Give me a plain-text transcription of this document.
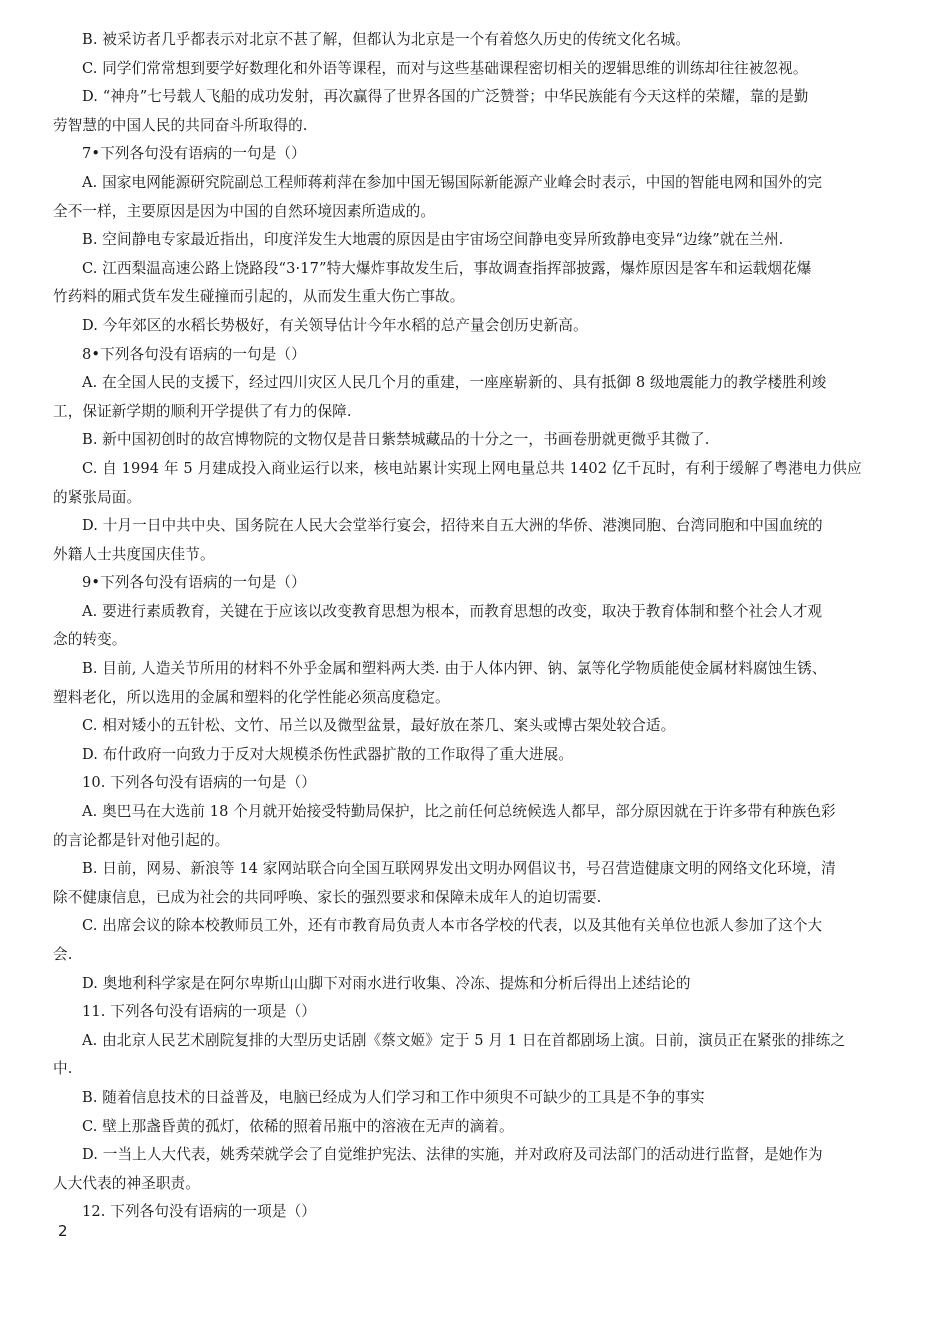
B. 被采访者几乎都表示对北京不甚了解，但都认为北京是一个有着悠久历史的传统文化名城。

C. 同学们常常想到要学好数理化和外语等课程，而对与这些基础课程密切相关的逻辑思维的训练却往往被忽视。

D. “神舟”七号载人飞船的成功发射，再次赢得了世界各国的广泛赞誉；中华民族能有今天这样的荣耀，靠的是勤
劳智慧的中国人民的共同奋斗所取得的.

7•下列各句没有语病的一句是（）

A. 国家电网能源研究院副总工程师蒋莉萍在参加中国无锡国际新能源产业峰会时表示，中国的智能电网和国外的完
全不一样，主要原因是因为中国的自然环境因素所造成的。

B. 空间静电专家最近指出，印度洋发生大地震的原因是由宇宙场空间静电变异所致静电变异“边缘”就在兰州.

C. 江西梨温高速公路上饶路段“3·17”特大爆炸事故发生后，事故调查指挥部披露，爆炸原因是客车和运载烟花爆
竹药料的厢式货车发生碰撞而引起的，从而发生重大伤亡事故。

D. 今年郊区的水稻长势极好，有关领导估计今年水稻的总产量会创历史新高。

8•下列各句没有语病的一句是（）

A. 在全国人民的支援下，经过四川灾区人民几个月的重建，一座座崭新的、具有抵御 8 级地震能力的教学楼胜利竣
工，保证新学期的顺利开学提供了有力的保障.

B. 新中国初创时的故宫博物院的文物仅是昔日紫禁城藏品的十分之一，书画卷册就更微乎其微了.

C. 自 1994 年 5 月建成投入商业运行以来，核电站累计实现上网电量总共 1402 亿千瓦时，有利于缓解了粤港电力供应
的紧张局面。

D. 十月一日中共中央、国务院在人民大会堂举行宴会，招待来自五大洲的华侨、港澳同胞、台湾同胞和中国血统的
外籍人士共度国庆佳节。

9•下列各句没有语病的一句是（）

A. 要进行素质教育，关键在于应该以改变教育思想为根本，而教育思想的改变，取决于教育体制和整个社会人才观
念的转变。

B. 目前, 人造关节所用的材料不外乎金属和塑料两大类. 由于人体内钾、钠、氯等化学物质能使金属材料腐蚀生锈、
塑料老化，所以选用的金属和塑料的化学性能必须高度稳定。

C. 相对矮小的五针松、文竹、吊兰以及微型盆景，最好放在茶几、案头或博古架处较合适。

D. 布什政府一向致力于反对大规模杀伤性武器扩散的工作取得了重大进展。

10. 下列各句没有语病的一句是（）

A. 奥巴马在大选前 18 个月就开始接受特勤局保护，比之前任何总统候选人都早，部分原因就在于许多带有种族色彩
的言论都是针对他引起的。

B. 日前，网易、新浪等 14 家网站联合向全国互联网界发出文明办网倡议书，号召营造健康文明的网络文化环境，清
除不健康信息，已成为社会的共同呼唤、家长的强烈要求和保障未成年人的迫切需要.

C. 出席会议的除本校教师员工外，还有市教育局负责人本市各学校的代表，以及其他有关单位也派人参加了这个大
会.

D. 奥地利科学家是在阿尔卑斯山山脚下对雨水进行收集、冷冻、提炼和分析后得出上述结论的

11. 下列各句没有语病的一项是（）

A. 由北京人民艺术剧院复排的大型历史话剧《蔡文姬》定于 5 月 1 日在首都剧场上演。日前，演员正在紧张的排练之
中.

B. 随着信息技术的日益普及，电脑已经成为人们学习和工作中须臾不可缺少的工具是不争的事实

C. 壁上那盏昏黄的孤灯，依稀的照着吊瓶中的溶液在无声的滴着。

D. 一当上人大代表，姚秀荣就学会了自觉维护宪法、法律的实施，并对政府及司法部门的活动进行监督，是她作为
人大代表的神圣职责。

12. 下列各句没有语病的一项是（）

2
